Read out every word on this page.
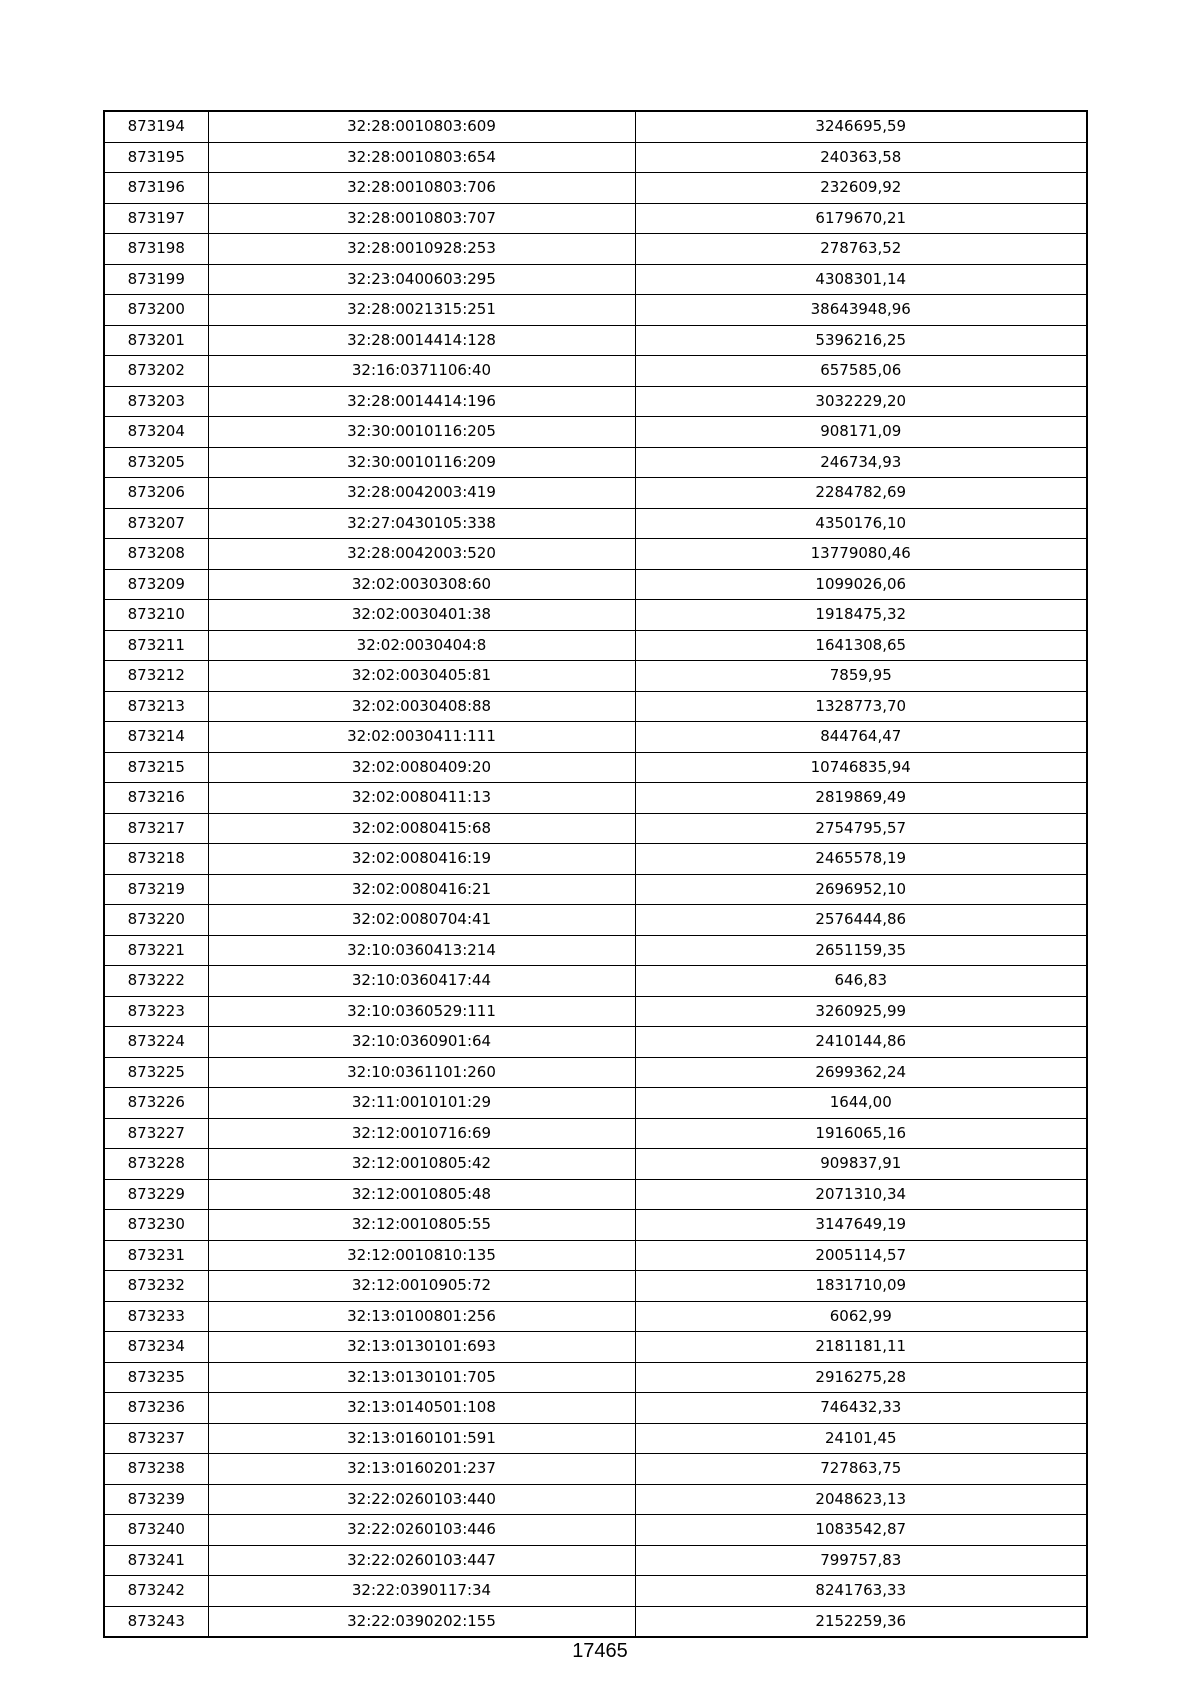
873194	32:28:0010803:609	3246695,59
873195	32:28:0010803:654	240363,58
873196	32:28:0010803:706	232609,92
873197	32:28:0010803:707	6179670,21
873198	32:28:0010928:253	278763,52
873199	32:23:0400603:295	4308301,14
873200	32:28:0021315:251	38643948,96
873201	32:28:0014414:128	5396216,25
873202	32:16:0371106:40	657585,06
873203	32:28:0014414:196	3032229,20
873204	32:30:0010116:205	908171,09
873205	32:30:0010116:209	246734,93
873206	32:28:0042003:419	2284782,69
873207	32:27:0430105:338	4350176,10
873208	32:28:0042003:520	13779080,46
873209	32:02:0030308:60	1099026,06
873210	32:02:0030401:38	1918475,32
873211	32:02:0030404:8	1641308,65
873212	32:02:0030405:81	7859,95
873213	32:02:0030408:88	1328773,70
873214	32:02:0030411:111	844764,47
873215	32:02:0080409:20	10746835,94
873216	32:02:0080411:13	2819869,49
873217	32:02:0080415:68	2754795,57
873218	32:02:0080416:19	2465578,19
873219	32:02:0080416:21	2696952,10
873220	32:02:0080704:41	2576444,86
873221	32:10:0360413:214	2651159,35
873222	32:10:0360417:44	646,83
873223	32:10:0360529:111	3260925,99
873224	32:10:0360901:64	2410144,86
873225	32:10:0361101:260	2699362,24
873226	32:11:0010101:29	1644,00
873227	32:12:0010716:69	1916065,16
873228	32:12:0010805:42	909837,91
873229	32:12:0010805:48	2071310,34
873230	32:12:0010805:55	3147649,19
873231	32:12:0010810:135	2005114,57
873232	32:12:0010905:72	1831710,09
873233	32:13:0100801:256	6062,99
873234	32:13:0130101:693	2181181,11
873235	32:13:0130101:705	2916275,28
873236	32:13:0140501:108	746432,33
873237	32:13:0160101:591	24101,45
873238	32:13:0160201:237	727863,75
873239	32:22:0260103:440	2048623,13
873240	32:22:0260103:446	1083542,87
873241	32:22:0260103:447	799757,83
873242	32:22:0390117:34	8241763,33
873243	32:22:0390202:155	2152259,36
17465
